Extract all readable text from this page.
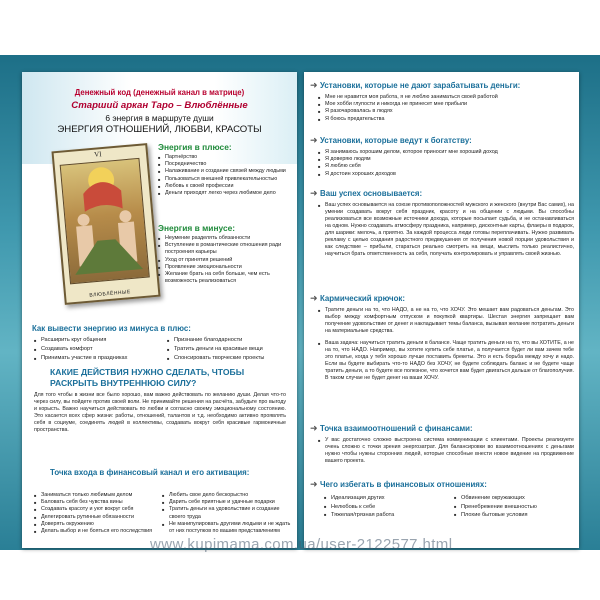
Денежный код (денежный канал в матрице)
Старший аркан Таро – Влюблённые
6 энергия в маршруте души
ЭНЕРГИЯ ОТНОШЕНИЙ, ЛЮБВИ, КРАСОТЫ
VI
ВЛЮБЛЁННЫЕ
Энергия в плюсе:
■ Партнёрство
■ Посредничество
■ Налаживание и создание связей между людьми
■ Пользоваться внешней привлекательностью
■ Любовь к своей профессии
■ Деньги приходят легко через любимое дело
Энергия в минусе:
■ Неумение разделять обязанности
■ Вступление в романтические отношения ради построения карьеры
■ Уход от принятия решений
■ Проявление эмоциональности
■ Желание брать на себя больше, чем есть возможность реализоваться
Как вывести энергию из минуса в плюс:
■ Расширить круг общения
■ Создавать комфорт
■ Принимать участие в праздниках
■ Признание благодарности
■ Тратить деньги на красивые вещи
■ Спонсировать творческие проекты
КАКИЕ ДЕЙСТВИЯ НУЖНО СДЕЛАТЬ, ЧТОБЫ РАСКРЫТЬ ВНУТРЕННЮЮ СИЛУ?

Для того чтобы в жизни все было хорошо, вам важно действовать по желанию души. Делая что-то через силу, вы пойдете против своей воли. Не принимайте решения на расчёта, забудьте про выгоду и корысть. Важно научиться действовать по любви и согласно своему эмоциональному состоянию. Это касается всех сфер жизни: работы, отношений, талантов и т.д. необходимо активно проявлять себя в социуме, соединять людей в коллективы, создавать вокруг себя красивые гармоничные пространства.

Точка входа в финансовый канал и его активация:
■ Заниматься только любимым делом
■ Баловать себя без чувства вины
■ Создавать красоту и уют вокруг себя
■ Делегировать рутинные обязанности
■ Доверять окружению
■ Делать выбор и не бояться его последствия
■ Любить свое дело бескорыстно
■ Дарить себе приятные и удачные подарки
■ Тратить деньги на удовольствие и создание своего труда
■ Не манипулировать другими людьми и не ждать от них поступков по вашим представлениям
➜ Установки, которые не дают зарабатывать деньги:
■ Мне не нравится моя работа, я не люблю заниматься своей работой
■ Мое хобби глупости и никогда не принесет мне прибыли
■ Я разочаровалась в людях
■ Я боюсь предательства
➜ Установки, которые ведут к богатству:
■ Я занимаюсь хорошим делом, которое приносит мне хороший доход
■ Я доверяю людям
■ Я люблю себя
■ Я достоин хороших доходов
➜ Ваш успех основывается:
■ Ваш успех основывается на союзе противоположностей мужского и женского (внутри Вас самих), на умении создавать вокруг себя праздник, красоту и на общении с людьми. Вы способны реализоваться все возможные источники дохода, которые посылает судьба, и не останавливаться на одном. Нужно создавать атмосферу праздника, например, дисконтные карты, флаеры в подарок, для шарики: мелочь, а приятно. За каждой процесса люди готовы переплачивать. Нужно развивать рекламу с целью создания радостного предвкушения от получения новой порции удовольствия и как следствие – прибыли, стараться реально смотреть на вещи, мыслить только реалистично, научиться брать ответственность за себя, получать контролировать и управлять своей жизнью.
➜ Кармический крючок:
■ Тратите деньги на то, что НАДО, а не на то, что ХОЧУ. Это мешает вам радоваться деньгам. Это выбор между комфортным отпуском и покупкой квартиры. Шестая энергия запрещает вам получение удовольствие от денег и накладывает темы баланса, вызывая желание потратить деньги на материальные средства.
■ Ваша задача: научиться тратить деньги в балансе. Чаще тратить деньги на то, что вы ХОТИТЕ, а не на то, что НАДО. Например, вы хотите купить себе платье, а получается будет ли вам зачем тебе это платье, когда у тебя хорошо лучше поставить брекеты. Это и есть борьба между хочу и надо. Если вы будете выбирать что-то НАДО без ХОЧУ, не будете соблюдать баланс и не будете чаще тратить деньги, а то будете все полезное, что хочется вам будет двигаться дальше от благополучия. В таком случае не будет денег на ваши ХОЧУ.
➜ Точка взаимоотношений с финансами:
■ У вас достаточно сложно выстроена система коммуникации с клиентами. Проекты реализуете очень сложно с точки зрения энергозатрат. Для балансировки во взаимоотношениях с деньгами нужно чтобы нужны сторонних людей, которые способные внести новое видение на продвижение вашего проекта.
➜ Чего избегать в финансовых отношениях:
■ Идеализация других
■ Нелюбовь к себе
■ Тяжелая/грязная работа
■ Обвинение окружающих
■ Пренебрежение внешностью
■ Плохие бытовые условия
www.kupimama.com.ua/user-2122577.html
